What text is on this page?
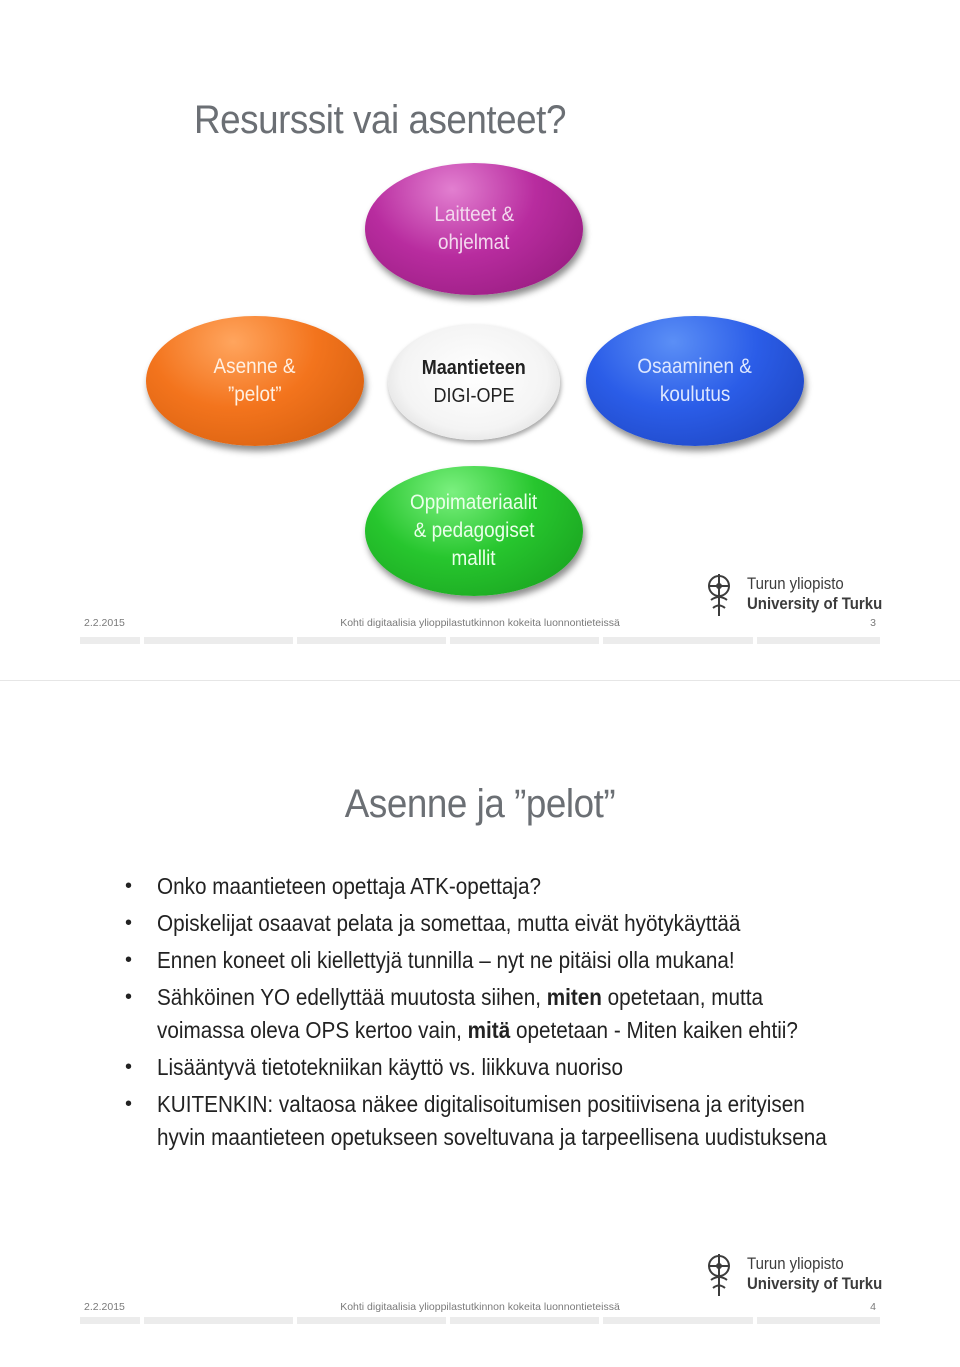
Resurssit vai asenteet?
Laitteet &
ohjelmat
Asenne &
”pelot”
Maantieteen
DIGI-OPE
Osaaminen &
koulutus
Oppimateriaalit
& pedagogiset
mallit
Turun yliopisto
University of Turku
2.2.2015	Kohti digitaalisia ylioppilastutkinnon kokeita luonnontieteissä	3
Asenne ja ”pelot”
• Onko maantieteen opettaja ATK-opettaja?
• Opiskelijat osaavat pelata ja somettaa, mutta eivät hyötykäyttää
• Ennen koneet oli kiellettyjä tunnilla – nyt ne pitäisi olla mukana!
• Sähköinen YO edellyttää muutosta siihen, miten opetetaan, mutta voimassa oleva OPS kertoo vain, mitä opetetaan - Miten kaiken ehtii?
• Lisääntyvä tietotekniikan käyttö vs. liikkuva nuoriso
• KUITENKIN: valtaosa näkee digitalisoitumisen positiivisena ja erityisen hyvin maantieteen opetukseen soveltuvana ja tarpeellisena uudistuksena
Turun yliopisto
University of Turku
2.2.2015	Kohti digitaalisia ylioppilastutkinnon kokeita luonnontieteissä	4
